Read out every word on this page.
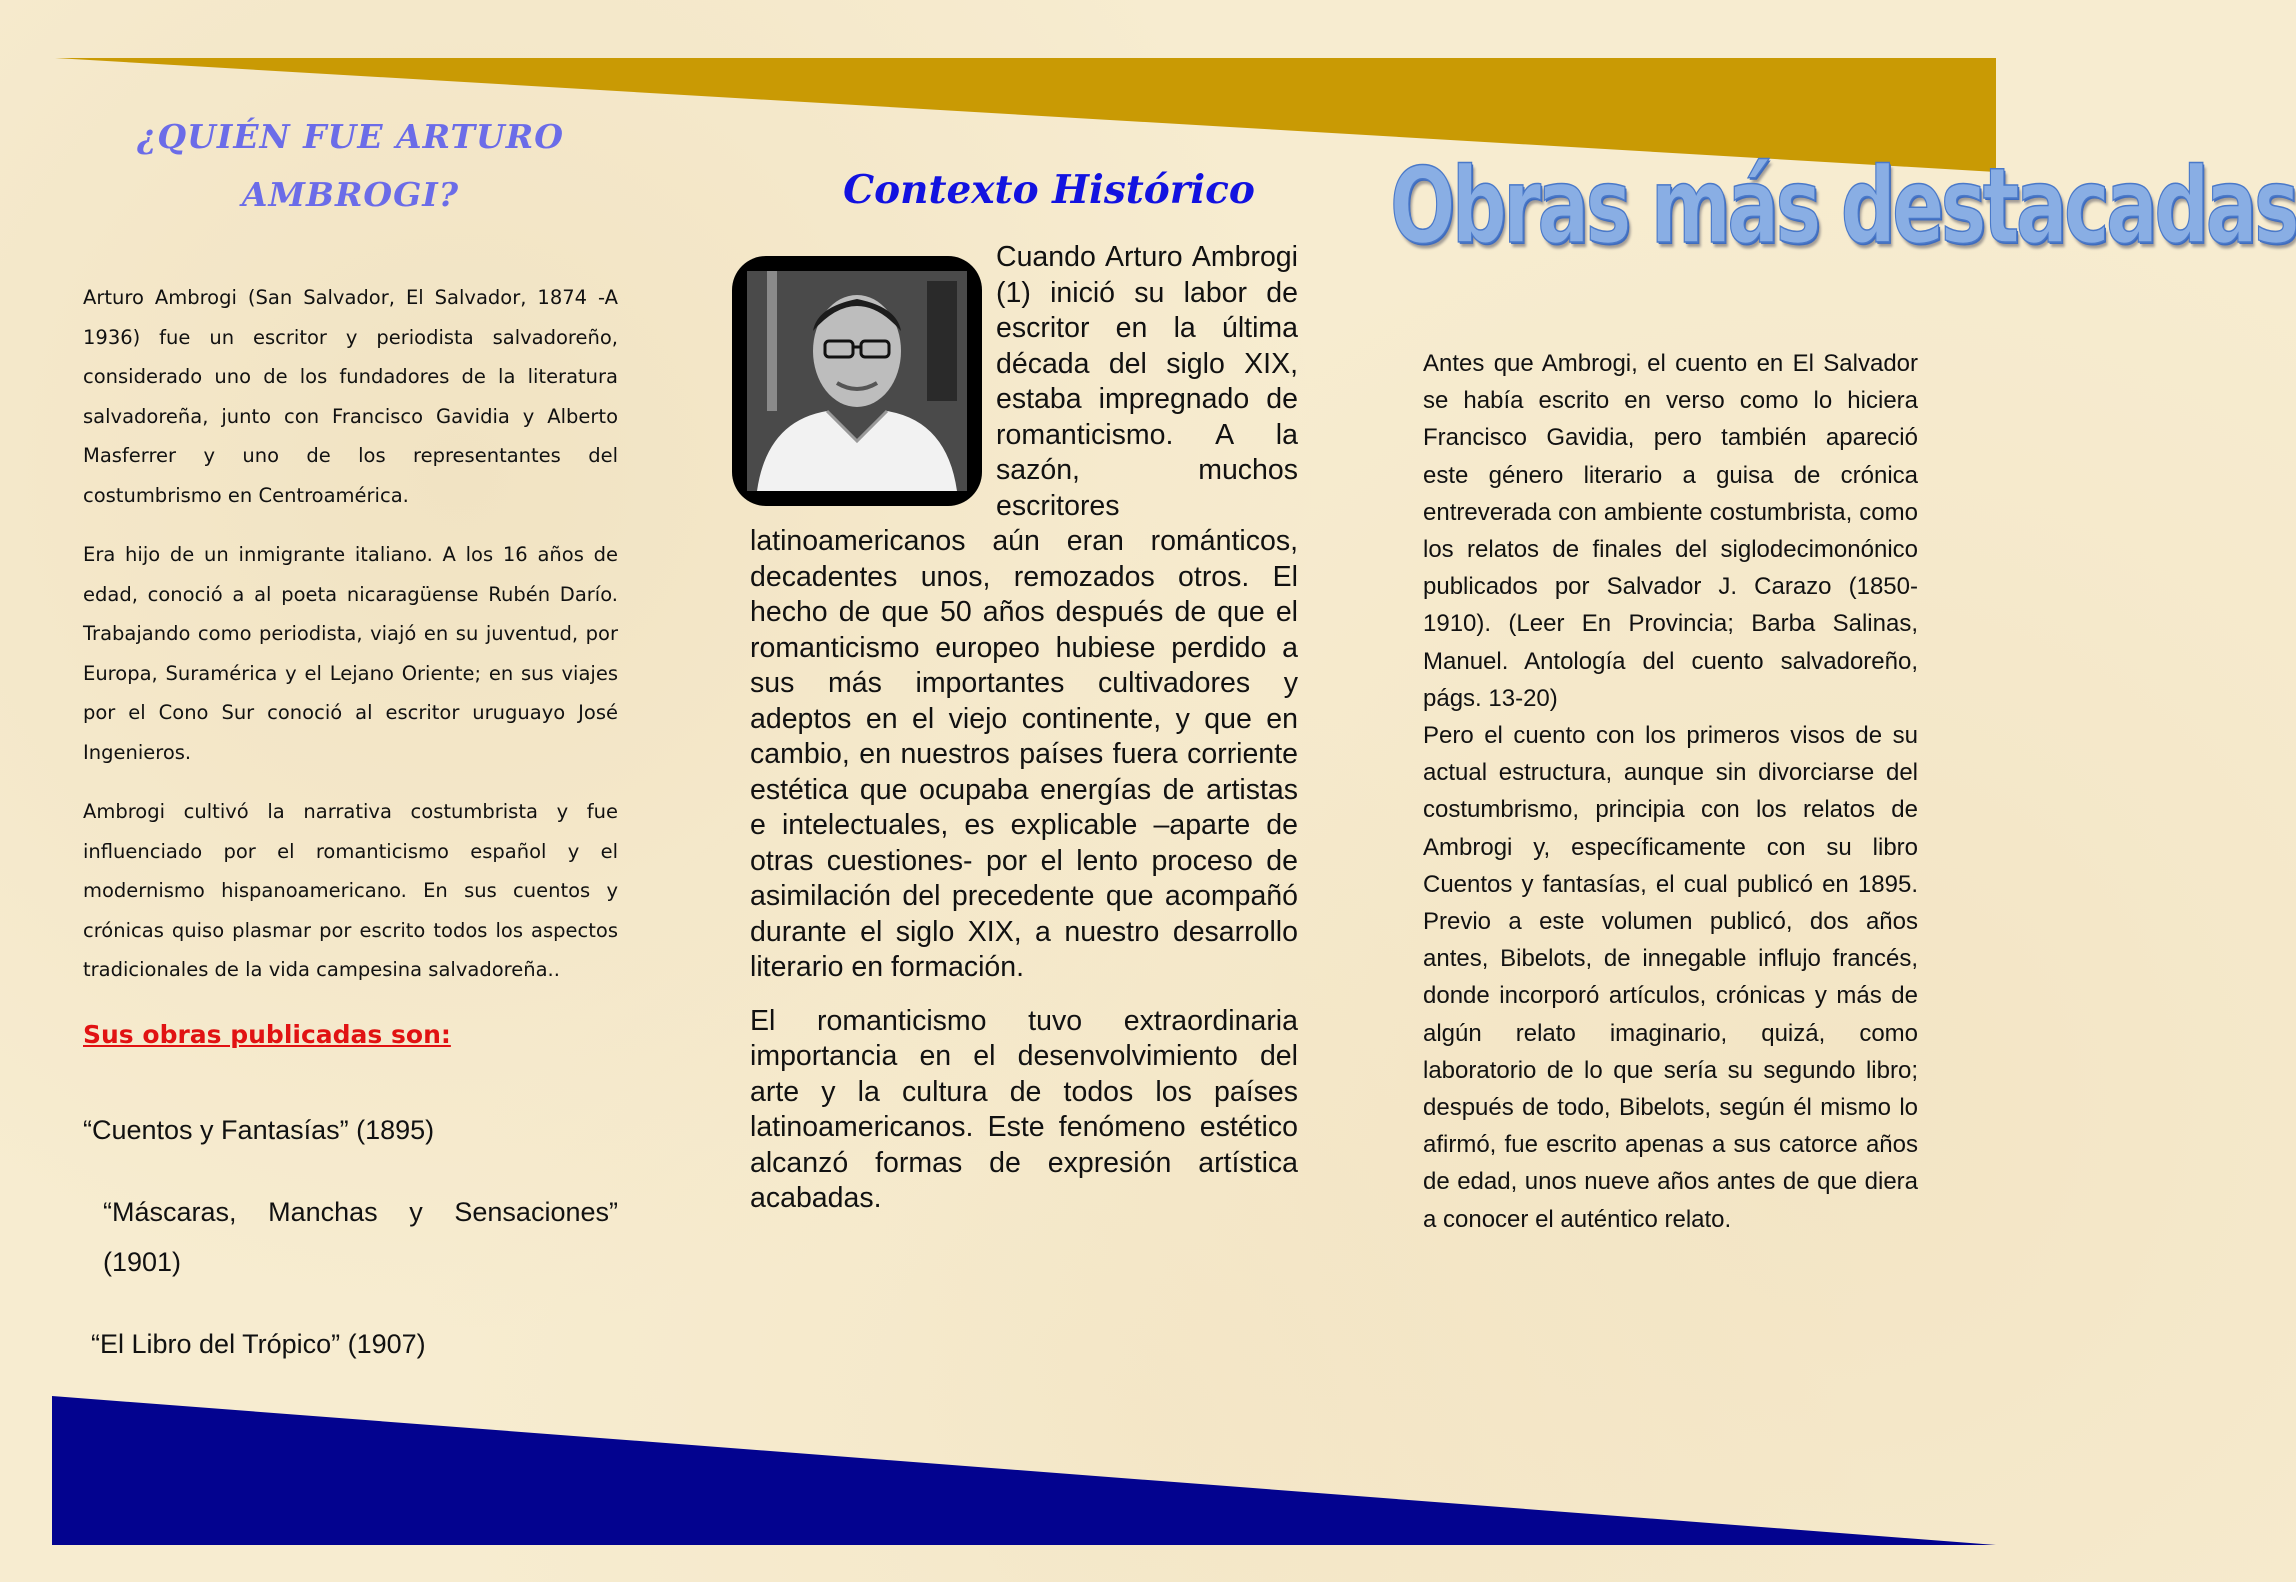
¿QUIÉN FUE ARTURO AMBROGI?

Arturo Ambrogi (San Salvador, El Salvador, 1874 -A 1936) fue un escritor y periodista salvadoreño, considerado uno de los fundadores de la literatura salvadoreña, junto con Francisco Gavidia y Alberto Masferrer y uno de los representantes del costumbrismo en Centroamérica.

Era hijo de un inmigrante italiano. A los 16 años de edad, conoció a al poeta nicaragüense Rubén Darío. Trabajando como periodista, viajó en su juventud, por Europa, Suramérica y el Lejano Oriente; en sus viajes por el Cono Sur conoció al escritor uruguayo José Ingenieros.

Ambrogi cultivó la narrativa costumbrista y fue influenciado por el romanticismo español y el modernismo hispanoamericano. En sus cuentos y crónicas quiso plasmar por escrito todos los aspectos tradicionales de la vida campesina salvadoreña..

Sus obras publicadas son:
“Cuentos y Fantasías” (1895)
“Máscaras, Manchas y Sensaciones” (1901)
“El Libro del Trópico” (1907)
Contexto Histórico

Cuando Arturo Ambrogi (1) inició su labor de escritor en la última década del siglo XIX, estaba impregnado de romanticismo. A la sazón, muchos escritores latinoamericanos aún eran románticos, decadentes unos, remozados otros. El hecho de que 50 años después de que el romanticismo europeo hubiese perdido a sus más importantes cultivadores y adeptos en el viejo continente, y que en cambio, en nuestros países fuera corriente estética que ocupaba energías de artistas e intelectuales, es explicable –aparte de otras cuestiones- por el lento proceso de asimilación del precedente que acompañó durante el siglo XIX, a nuestro desarrollo literario en formación.

El romanticismo tuvo extraordinaria importancia en el desenvolvimiento del arte y la cultura de todos los países latinoamericanos. Este fenómeno estético alcanzó formas de expresión artística acabadas.

Obras más destacadas

Antes que Ambrogi, el cuento en El Salvador se había escrito en verso como lo hiciera Francisco Gavidia, pero también apareció este género literario a guisa de crónica entreverada con ambiente costumbrista, como los relatos de finales del siglodecimonónico publicados por Salvador J. Carazo (1850-1910). (Leer En Provincia; Barba Salinas, Manuel. Antología del cuento salvadoreño, págs. 13-20)

Pero el cuento con los primeros visos de su actual estructura, aunque sin divorciarse del costumbrismo, principia con los relatos de Ambrogi y, específicamente con su libro Cuentos y fantasías, el cual publicó en 1895. Previo a este volumen publicó, dos años antes, Bibelots, de innegable influjo francés, donde incorporó artículos, crónicas y más de algún relato imaginario, quizá, como laboratorio de lo que sería su segundo libro; después de todo, Bibelots, según él mismo lo afirmó, fue escrito apenas a sus catorce años de edad, unos nueve años antes de que diera a conocer el auténtico relato.
